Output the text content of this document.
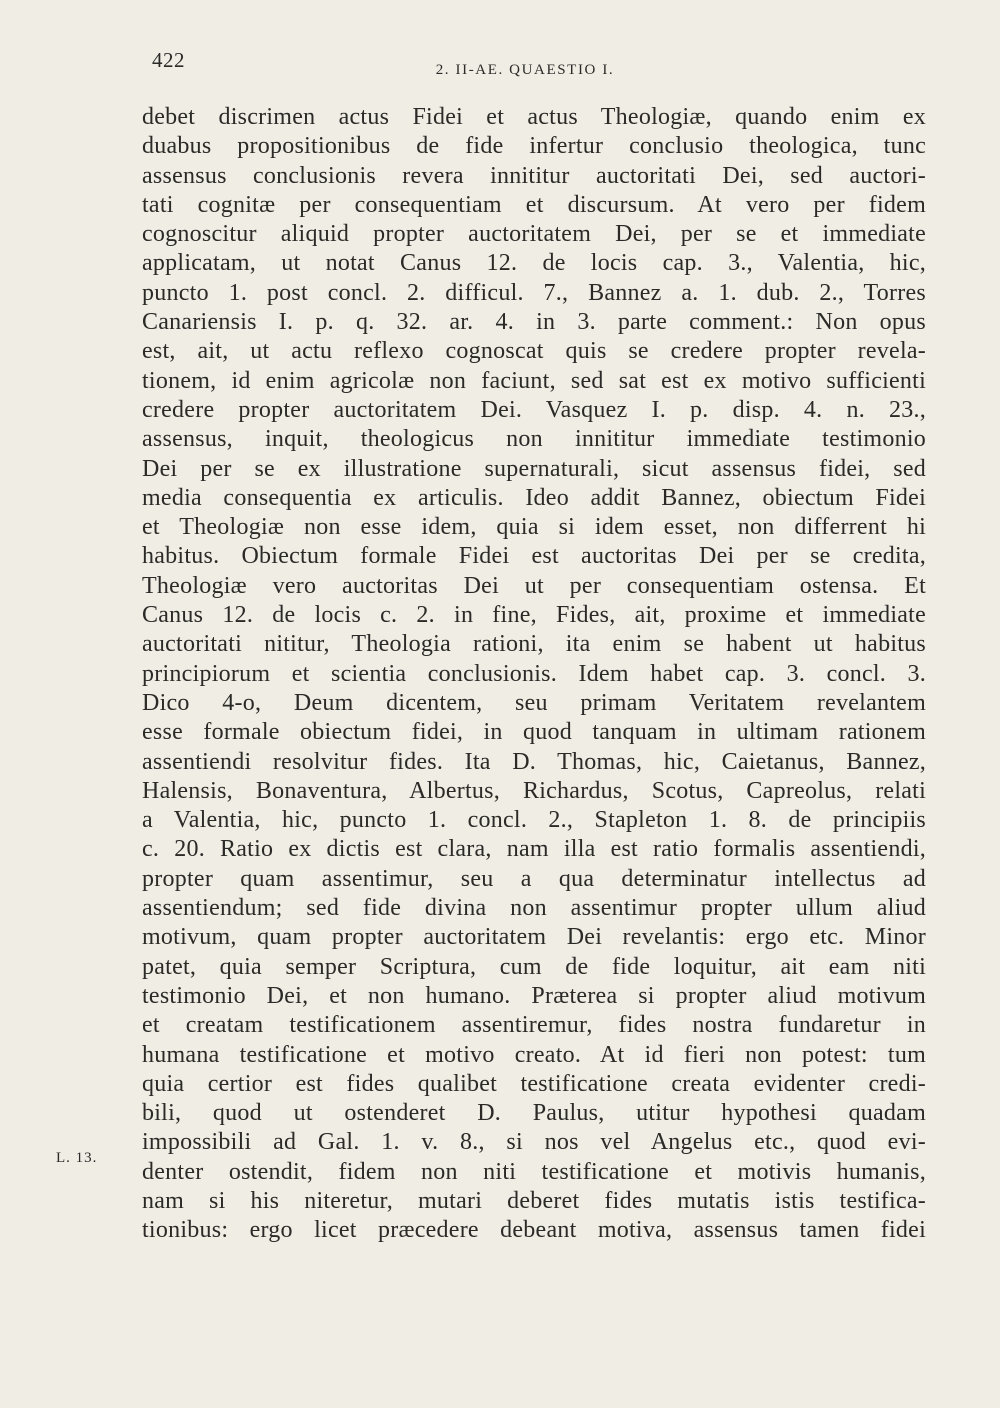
422	2. II-AE. QUAESTIO I.
L. 13.
debet discrimen actus Fidei et actus Theologiæ, quando enim ex
duabus propositionibus de fide infertur conclusio theologica, tunc
assensus conclusionis revera innititur auctoritati Dei, sed auctori-
tati cognitæ per consequentiam et discursum. At vero per fidem
cognoscitur aliquid propter auctoritatem Dei, per se et immediate
applicatam, ut notat Canus 12. de locis cap. 3., Valentia, hic,
puncto 1. post concl. 2. difficul. 7., Bannez a. 1. dub. 2., Torres
Canariensis I. p. q. 32. ar. 4. in 3. parte comment.: Non opus
est, ait, ut actu reflexo cognoscat quis se credere propter revela-
tionem, id enim agricolæ non faciunt, sed sat est ex motivo sufficienti
credere propter auctoritatem Dei. Vasquez I. p. disp. 4. n. 23.,
assensus, inquit, theologicus non innititur immediate testimonio
Dei per se ex illustratione supernaturali, sicut assensus fidei, sed
media consequentia ex articulis. Ideo addit Bannez, obiectum Fidei
et Theologiæ non esse idem, quia si idem esset, non differrent hi
habitus. Obiectum formale Fidei est auctoritas Dei per se credita,
Theologiæ vero auctoritas Dei ut per consequentiam ostensa. Et
Canus 12. de locis c. 2. in fine, Fides, ait, proxime et immediate
auctoritati nititur, Theologia rationi, ita enim se habent ut habitus
principiorum et scientia conclusionis. Idem habet cap. 3. concl. 3.
Dico 4-o, Deum dicentem, seu primam Veritatem revelantem
esse formale obiectum fidei, in quod tanquam in ultimam rationem
assentiendi resolvitur fides. Ita D. Thomas, hic, Caietanus, Bannez,
Halensis, Bonaventura, Albertus, Richardus, Scotus, Capreolus, relati
a Valentia, hic, puncto 1. concl. 2., Stapleton 1. 8. de principiis
c. 20. Ratio ex dictis est clara, nam illa est ratio formalis assentiendi,
propter quam assentimur, seu a qua determinatur intellectus ad
assentiendum; sed fide divina non assentimur propter ullum aliud
motivum, quam propter auctoritatem Dei revelantis: ergo etc. Minor
patet, quia semper Scriptura, cum de fide loquitur, ait eam niti
testimonio Dei, et non humano. Præterea si propter aliud motivum
et creatam testificationem assentiremur, fides nostra fundaretur in
humana testificatione et motivo creato. At id fieri non potest: tum
quia certior est fides qualibet testificatione creata evidenter credi-
bili, quod ut ostenderet D. Paulus, utitur hypothesi quadam
impossibili ad Gal. 1. v. 8., si nos vel Angelus etc., quod evi-
denter ostendit, fidem non niti testificatione et motivis humanis,
nam si his niteretur, mutari deberet fides mutatis istis testifica-
tionibus: ergo licet præcedere debeant motiva, assensus tamen fidei
